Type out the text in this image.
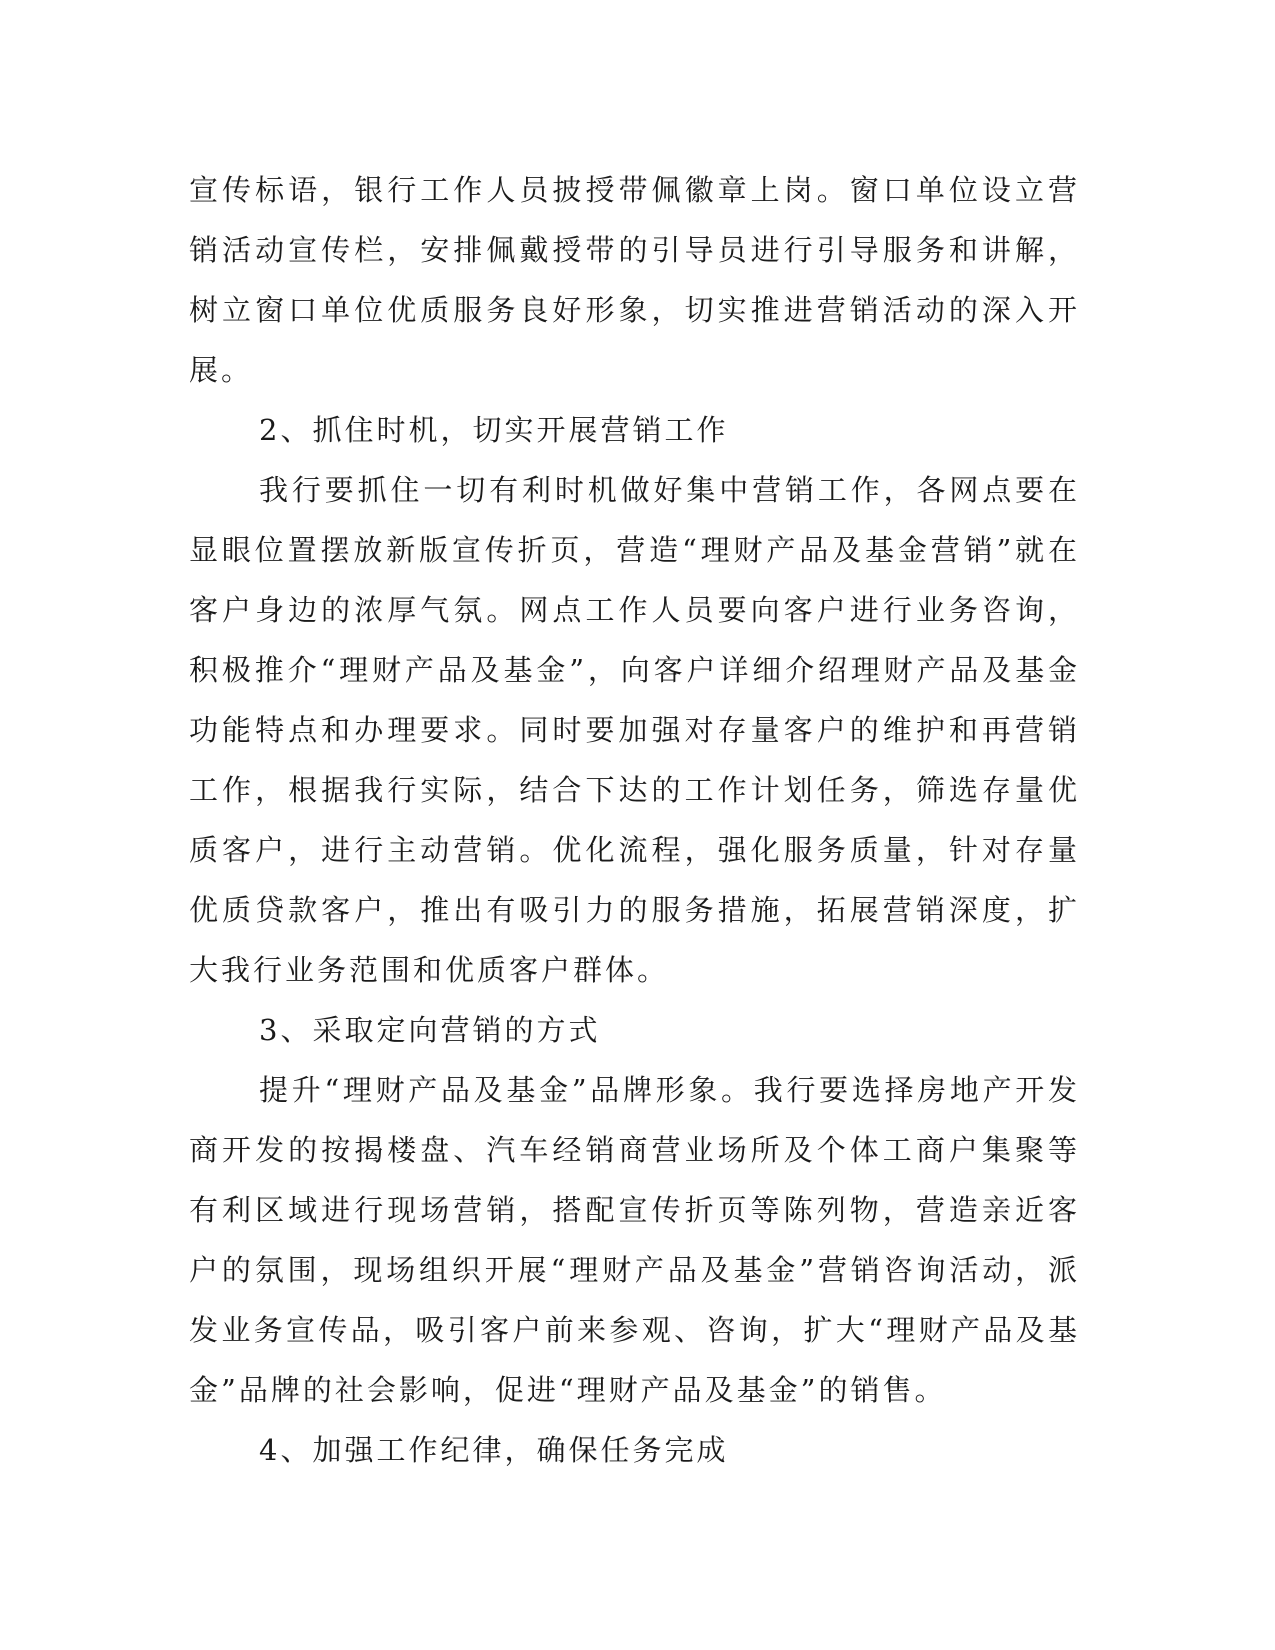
宣传标语，银行工作人员披授带佩徽章上岗。窗口单位设立营销活动宣传栏，安排佩戴授带的引导员进行引导服务和讲解，树立窗口单位优质服务良好形象，切实推进营销活动的深入开展。

2、抓住时机，切实开展营销工作

我行要抓住一切有利时机做好集中营销工作，各网点要在显眼位置摆放新版宣传折页，营造“理财产品及基金营销”就在客户身边的浓厚气氛。网点工作人员要向客户进行业务咨询，积极推介“理财产品及基金”，向客户详细介绍理财产品及基金功能特点和办理要求。同时要加强对存量客户的维护和再营销工作，根据我行实际，结合下达的工作计划任务，筛选存量优质客户，进行主动营销。优化流程，强化服务质量，针对存量优质贷款客户，推出有吸引力的服务措施，拓展营销深度，扩大我行业务范围和优质客户群体。

3、采取定向营销的方式

提升“理财产品及基金”品牌形象。我行要选择房地产开发商开发的按揭楼盘、汽车经销商营业场所及个体工商户集聚等有利区域进行现场营销，搭配宣传折页等陈列物，营造亲近客户的氛围，现场组织开展“理财产品及基金”营销咨询活动，派发业务宣传品，吸引客户前来参观、咨询，扩大“理财产品及基金”品牌的社会影响，促进“理财产品及基金”的销售。

4、加强工作纪律，确保任务完成
